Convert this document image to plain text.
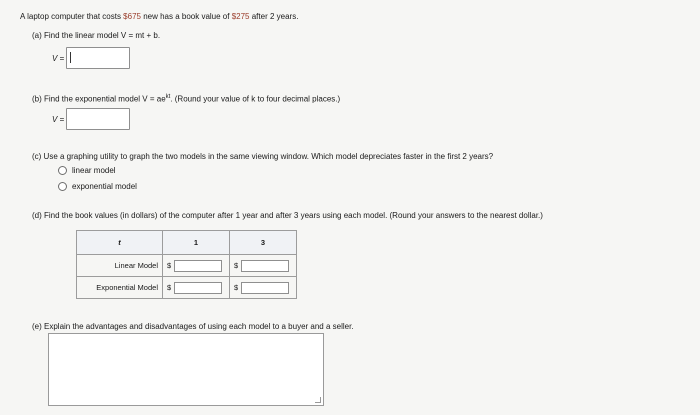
A laptop computer that costs $675 new has a book value of $275 after 2 years.
(a) Find the linear model V = mt + b.
V =
(b) Find the exponential model $V = ae^{kt}$. (Round your value of k to four decimal places.)
V =
(c) Use a graphing utility to graph the two models in the same viewing window. Which model depreciates faster in the first 2 years?
linear model
exponential model
(d) Find the book values (in dollars) of the computer after 1 year and after 3 years using each model. (Round your answers to the nearest dollar.)
t	1	3
Linear Model	$	$

Exponential Model	$	$
(e) Explain the advantages and disadvantages of using each model to a buyer and a seller.
